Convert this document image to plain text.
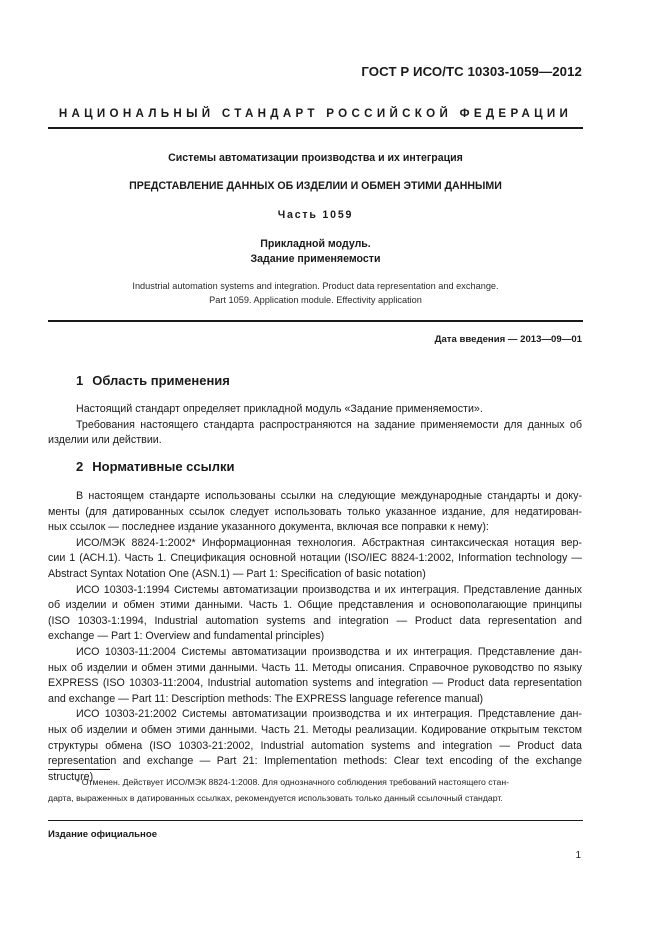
ГОСТ Р ИСО/ТС 10303-1059—2012
НАЦИОНАЛЬНЫЙ СТАНДАРТ РОССИЙСКОЙ ФЕДЕРАЦИИ
Системы автоматизации производства и их интеграция
ПРЕДСТАВЛЕНИЕ ДАННЫХ ОБ ИЗДЕЛИИ И ОБМЕН ЭТИМИ ДАННЫМИ
Часть 1059
Прикладной модуль.
Задание применяемости
Industrial automation systems and integration. Product data representation and exchange.
Part 1059. Application module. Effectivity application
Дата введения — 2013—09—01
1 Область применения
Настоящий стандарт определяет прикладной модуль «Задание применяемости».
Требования настоящего стандарта распространяются на задание применяемости для данных об
изделии или действии.
2 Нормативные ссылки
В настоящем стандарте использованы ссылки на следующие международные стандарты и доку-
менты (для датированных ссылок следует использовать только указанное издание, для недатирован-
ных ссылок — последнее издание указанного документа, включая все поправки к нему):
ИСО/МЭК 8824-1:2002* Информационная технология. Абстрактная синтаксическая нотация вер-
сии 1 (АСН.1). Часть 1. Спецификация основной нотации (ISO/IEC 8824-1:2002, Information technology —
Abstract Syntax Notation One (ASN.1) — Part 1: Specification of basic notation)
ИСО 10303-1:1994 Системы автоматизации производства и их интеграция. Представление данных
об изделии и обмен этими данными. Часть 1. Общие представления и основополагающие принципы
(ISO 10303-1:1994, Industrial automation systems and integration — Product data representation and
exchange — Part 1: Overview and fundamental principles)
ИСО 10303-11:2004 Системы автоматизации производства и их интеграция. Представление дан-
ных об изделии и обмен этими данными. Часть 11. Методы описания. Справочное руководство по языку
EXPRESS (ISO 10303-11:2004, Industrial automation systems and integration — Product data representation
and exchange — Part 11: Description methods: The EXPRESS language reference manual)
ИСО 10303-21:2002 Системы автоматизации производства и их интеграция. Представление дан-
ных об изделии и обмен этими данными. Часть 21. Методы реализации. Кодирование открытым текстом
структуры обмена (ISO 10303-21:2002, Industrial automation systems and integration — Product data
representation and exchange — Part 21: Implementation methods: Clear text encoding of the exchange
structure)
* Отменен. Действует ИСО/МЭК 8824-1:2008. Для однозначного соблюдения требований настоящего стан-
дарта, выраженных в датированных ссылках, рекомендуется использовать только данный ссылочный стандарт.
Издание официальное
1
